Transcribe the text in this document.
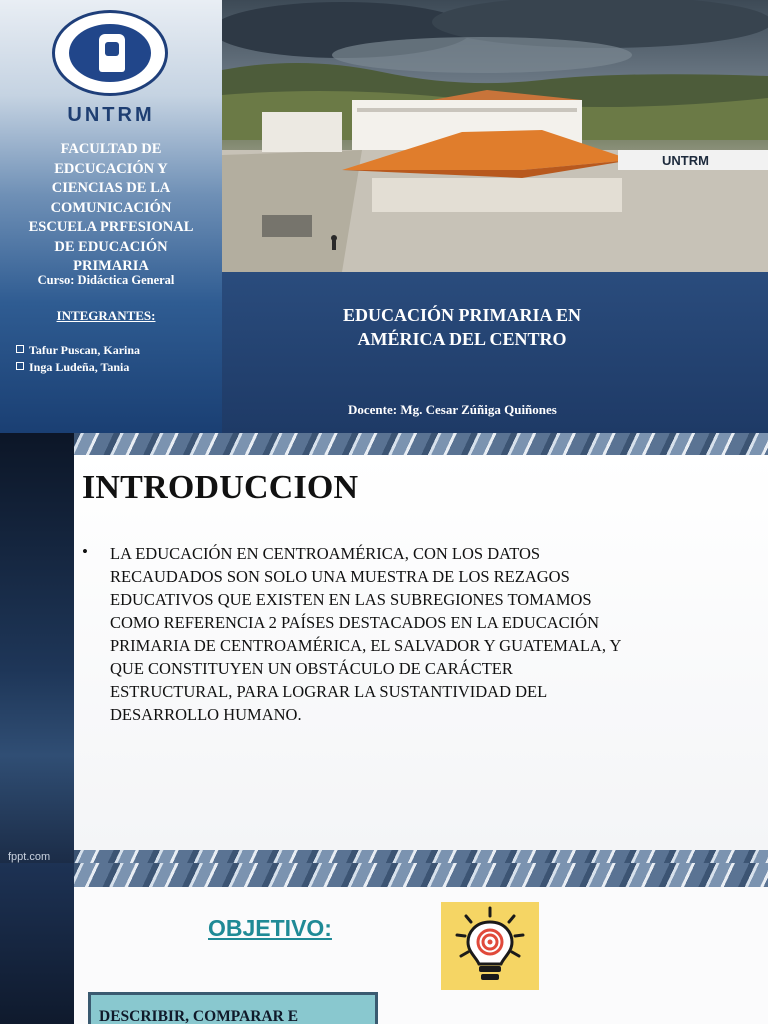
UNTRM
FACULTAD DE
EDCUCACIÓN Y
CIENCIAS DE LA
COMUNICACIÓN
ESCUELA PRFESIONAL
DE EDUCACIÓN
PRIMARIA
Curso: Didáctica General
INTEGRANTES:
Tafur Puscan, Karina
Inga Ludeña, Tania
UNTRM
EDUCACIÓN PRIMARIA EN
AMÉRICA DEL CENTRO
Docente: Mg. Cesar Zúñiga Quiñones
fppt.com
INTRODUCCION
• LA EDUCACIÓN EN CENTROAMÉRICA, CON LOS DATOS
RECAUDADOS SON SOLO UNA MUESTRA DE LOS REZAGOS
EDUCATIVOS QUE EXISTEN EN LAS SUBREGIONES TOMAMOS
COMO REFERENCIA 2 PAÍSES DESTACADOS EN LA EDUCACIÓN
PRIMARIA DE CENTROAMÉRICA, EL SALVADOR Y GUATEMALA, Y
QUE CONSTITUYEN UN OBSTÁCULO DE CARÁCTER
ESTRUCTURAL, PARA LOGRAR LA SUSTANTIVIDAD DEL
DESARROLLO HUMANO.
OBJETIVO:
DESCRIBIR, COMPARAR E
